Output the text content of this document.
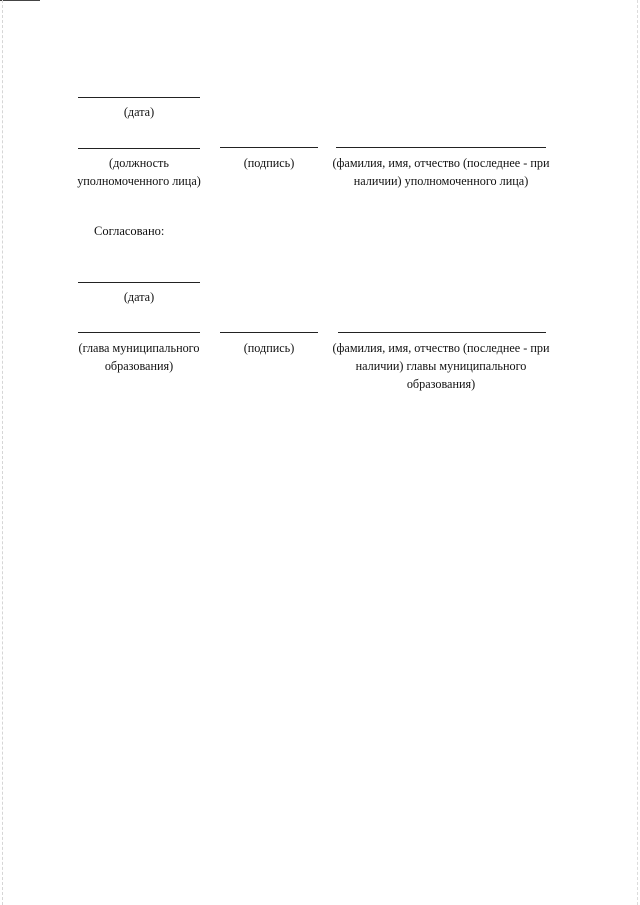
(дата)
(должность уполномоченного лица)
(подпись)	(фамилия, имя, отчество (последнее - при наличии) уполномоченного лица)
Согласовано:
(дата)
(глава муниципального образования)
(подпись)	(фамилия, имя, отчество (последнее - при наличии) главы муниципального образования)
